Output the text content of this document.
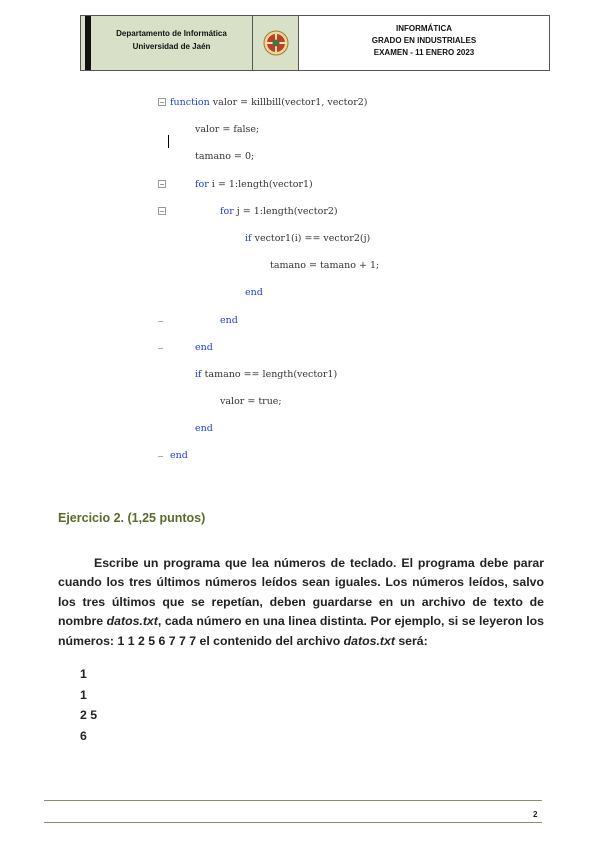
Departamento de Informática
Universidad de Jaén
INFORMÁTICA
GRADO EN INDUSTRIALES
EXAMEN - 11 ENERO 2023
function valor = killbill(vector1, vector2)
valor = false;
tamano = 0;
for i = 1:length(vector1)
for j = 1:length(vector2)
if vector1(i) == vector2(j)
tamano = tamano + 1;
end
end
end
if tamano == length(vector1)
valor = true;
end
end
Ejercicio 2. (1,25 puntos)
Escribe un programa que lea números de teclado. El programa debe parar cuando los tres últimos números leídos sean iguales. Los números leídos, salvo los tres últimos que se repetían, deben guardarse en un archivo de texto de nombre datos.txt, cada número en una linea distinta. Por ejemplo, si se leyeron los números: 1 1 2 5 6 7 7 7 el contenido del archivo datos.txt será:
1
1
2 5
6
2
